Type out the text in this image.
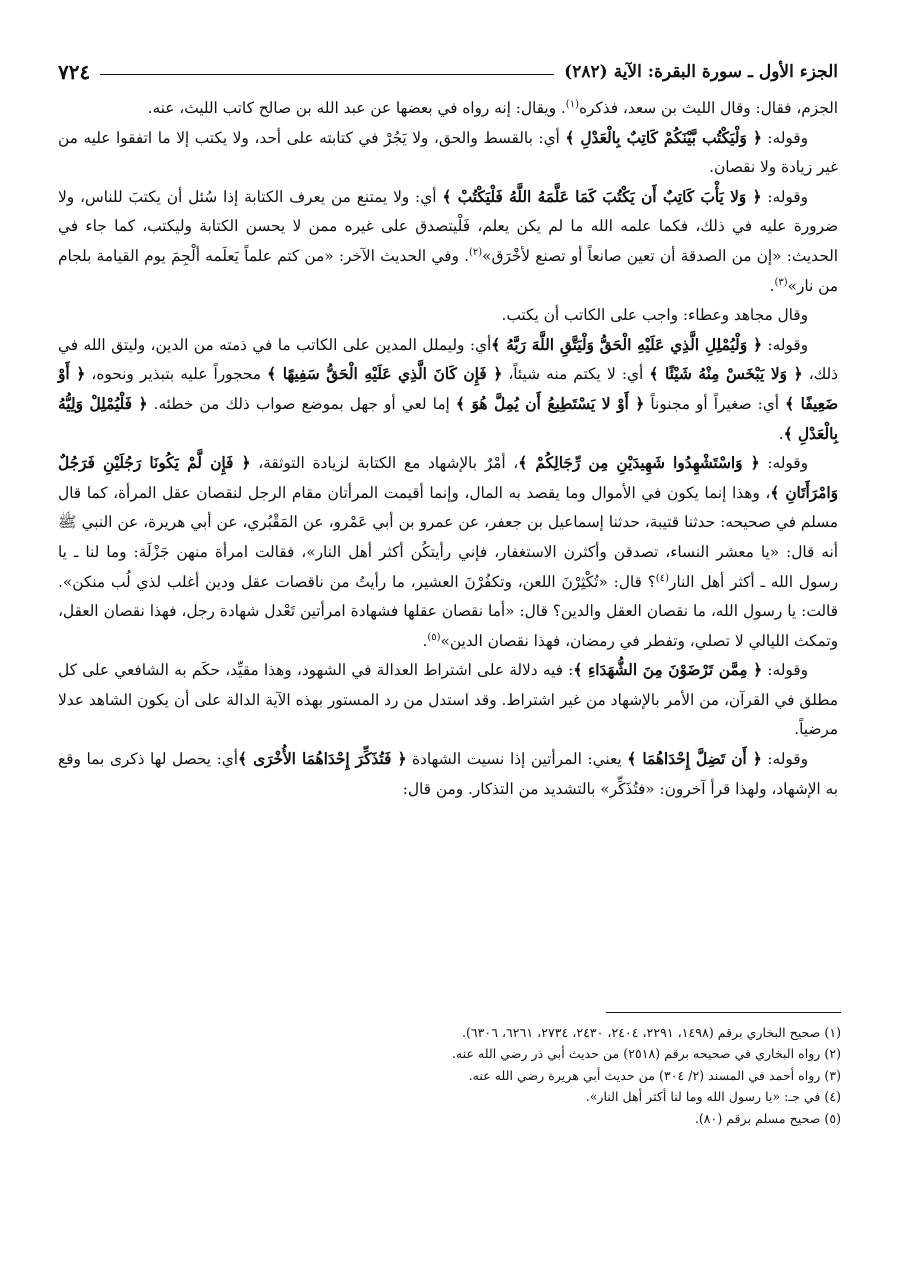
الجزء الأول ـ سورة البقرة: الآية (٢٨٢)
٧٢٤

الجزم، فقال: وقال الليث بن سعد، فذكره$^{(١)}$. ويقال: إنه رواه في بعضها عن عبد الله بن صالح كاتب الليث، عنه.

وقوله: ﴿ وَلْيَكْتُب بَّيْنَكُمْ كَاتِبٌ بِالْعَدْلِ ﴾ أي: بالقسط والحق، ولا يَجُرْ في كتابته على أحد، ولا يكتب إلا ما اتفقوا عليه من غير زيادة ولا نقصان.

وقوله: ﴿ وَلا يَأْبَ كَاتِبٌ أَن يَكْتُبَ كَمَا عَلَّمَهُ اللَّهُ فَلْيَكْتُبْ ﴾ أي: ولا يمتنع من يعرف الكتابة إذا سُئل أن يكتبَ للناس، ولا ضرورة عليه في ذلك، فكما علمه الله ما لم يكن يعلم، فَلْيتصدق على غيره ممن لا يحسن الكتابة وليكتب، كما جاء في الحديث: «إن من الصدقة أن تعين صانعاً أو تصنع لأخْرَق»$^{(٢)}$. وفي الحديث الآخر: «من كتم علماً يَعلَمه ألْجِمَ يوم القيامة بلجام من نار»$^{(٣)}$.

وقال مجاهد وعطاء: واجب على الكاتب أن يكتب.

وقوله: ﴿ وَلْيُمْلِلِ الَّذِي عَلَيْهِ الْحَقُّ وَلْيَتَّقِ اللَّهَ رَبَّهُ ﴾أي: وليملل المدين على الكاتب ما في ذمته من الدين، وليتق الله في ذلك، ﴿ وَلا يَبْخَسْ مِنْهُ شَيْئًا ﴾ أي: لا يكتم منه شيئاً، ﴿ فَإِن كَانَ الَّذِي عَلَيْهِ الْحَقُّ سَفِيهًا ﴾ محجوراً عليه بتبذير ونحوه، ﴿ أَوْ ضَعِيفًا ﴾ أي: صغيراً أو مجنوناً ﴿ أَوْ لا يَسْتَطِيعُ أَن يُمِلَّ هُوَ ﴾ إما لعي أو جهل بموضع صواب ذلك من خطئه. ﴿ فَلْيُمْلِلْ وَلِيُّهُ بِالْعَدْلِ ﴾.

وقوله: ﴿ وَاسْتَشْهِدُوا شَهِيدَيْنِ مِن رِّجَالِكُمْ ﴾، أمْرٌ بالإشهاد مع الكتابة لزيادة التوثقة، ﴿ فَإِن لَّمْ يَكُونَا رَجُلَيْنِ فَرَجُلٌ وَامْرَأَتَانِ ﴾، وهذا إنما يكون في الأموال وما يقصد به المال، وإنما أقيمت المرأتان مقام الرجل لنقصان عقل المرأة، كما قال مسلم في صحيحه: حدثنا قتيبة، حدثنا إسماعيل بن جعفر، عن عمرو بن أبي عَمْرو، عن المَقْبُري، عن أبي هريرة، عن النبي ﷺ أنه قال: «يا معشر النساء، تصدقن وأكثرن الاستغفار، فإني رأيتكُن أكثر أهل النار»، فقالت امرأة منهن جَزْلَة: وما لنا ـ يا رسول الله ـ أكثر أهل النار$^{(٤)}$؟ قال: «تُكْثِرْنَ اللعن، وتكفُرْنَ العشير، ما رأيتُ من ناقصات عقل ودين أغلب لذي لُب منكن». قالت: يا رسول الله، ما نقصان العقل والدين؟ قال: «أما نقصان عقلها فشهادة امرأتين تَعْدل شهادة رجل، فهذا نقصان العقل، وتمكث الليالي لا تصلي، وتفطر في رمضان، فهذا نقصان الدين»$^{(٥)}$.

وقوله: ﴿ مِمَّن تَرْضَوْنَ مِنَ الشُّهَدَاءِ ﴾: فيه دلالة على اشتراط العدالة في الشهود، وهذا مقيِّد، حكَم به الشافعي على كل مطلق في القرآن، من الأمر بالإشهاد من غير اشتراط. وقد استدل من رد المستور بهذه الآية الدالة على أن يكون الشاهد عدلا مرضياً.

وقوله: ﴿ أَن تَضِلَّ إِحْدَاهُمَا ﴾ يعني: المرأتين إذا نسيت الشهادة ﴿ فَتُذَكِّرَ إِحْدَاهُمَا الأُخْرَى ﴾أي: يحصل لها ذكرى بما وقع به الإشهاد، ولهذا قرأ آخرون: «فتُذَكِّر» بالتشديد من التذكار. ومن قال:

(١) صحيح البخاري برقم (١٤٩٨، ٢٢٩١، ٢٤٠٤، ٢٤٣٠، ٢٧٣٤، ٦٢٦١، ٦٣٠٦).
(٢) رواه البخاري في صحيحه برقم (٢٥١٨) من حديث أبي ذر رضي الله عنه.
(٣) رواه أحمد في المسند (٢/ ٣٠٤) من حديث أبي هريرة رضي الله عنه.
(٤) في جـ: «يا رسول الله وما لنا أكثر أهل النار».
(٥) صحيح مسلم برقم (٨٠).
